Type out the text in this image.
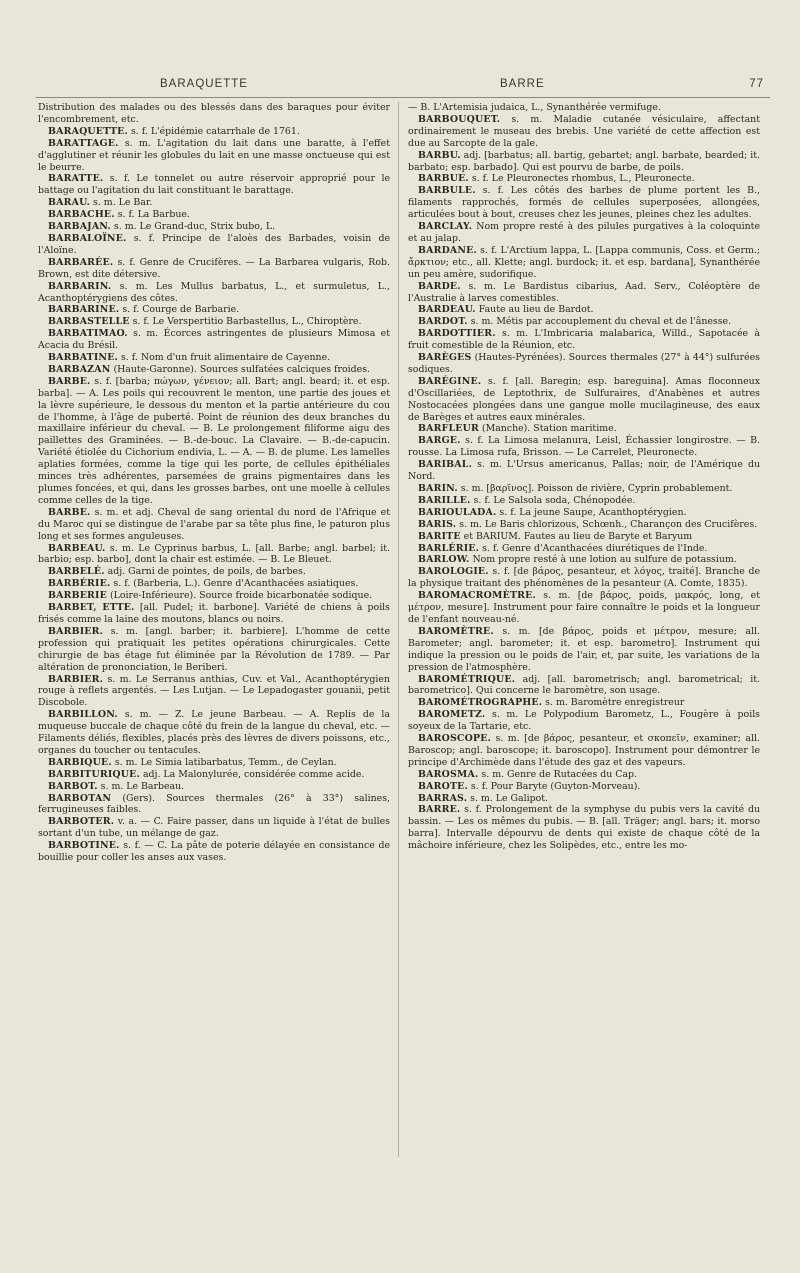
BARAQUETTE	BARRE	77

Distribution des malades ou des blessés dans des baraques pour éviter l'encombrement, etc.

BARAQUETTE. s. f. L'épidémie catarrhale de 1761.

BARATTAGE. s. m. L'agitation du lait dans une baratte, à l'effet d'agglutiner et réunir les globules du lait en une masse onctueuse qui est le beurre.

BARATTE. s. f. Le tonnelet ou autre réservoir approprié pour le battage ou l'agitation du lait constituant le barattage.

BARAU. s. m. Le Bar.

BARBACHE. s. f. La Barbue.

BARBAJAN. s. m. Le Grand-duc, Strix bubo, L.

BARBALOÏNE. s. f. Principe de l'aloès des Barbades, voisin de l'Aloïne.

BARBARÉE. s. f. Genre de Crucifères. — La Barbarea vulgaris, Rob. Brown, est dite détersive.

BARBARIN. s. m. Les Mullus barbatus, L., et surmuletus, L., Acanthoptérygiens des côtes.

BARBARINE. s. f. Courge de Barbarie.

BARBASTELLE s. f. Le Verspertitio Barbastellus, L., Chiroptère.

BARBATIMAO. s. m. Écorces astringentes de plusieurs Mimosa et Acacia du Brésil.

BARBATINE. s. f. Nom d'un fruit alimentaire de Cayenne.

BARBAZAN (Haute-Garonne). Sources sulfatées calciques froides.

BARBE. s. f. [barba; πώγων, γένειον; all. Bart; angl. beard; it. et esp. barba]. — A. Les poils qui recouvrent le menton, une partie des joues et la lèvre supérieure, le dessous du menton et la partie antérieure du cou de l'homme, à l'âge de puberté. Point de réunion des deux branches du maxillaire inférieur du cheval. — B. Le prolongement filiforme aigu des paillettes des Graminées. — B.-de-bouc. La Clavaire. — B.-de-capucin. Variété étiolée du Cichorium endivia, L. — A. — B. de plume. Les lamelles aplaties formées, comme la tige qui les porte, de cellules épithéliales minces très adhérentes, parsemées de grains pigmentaires dans les plumes foncées, et qui, dans les grosses barbes, ont une moelle à cellules comme celles de la tige.

BARBE. s. m. et adj. Cheval de sang oriental du nord de l'Afrique et du Maroc qui se distingue de l'arabe par sa tête plus fine, le paturon plus long et ses formes anguleuses.

BARBEAU. s. m. Le Cyprinus barbus, L. [all. Barbe; angl. barbel; it. barbio; esp. barbo], dont la chair est estimée. — B. Le Bleuet.

BARBELÉ. adj. Garni de pointes, de poils, de barbes.

BARBÉRIE. s. f. (Barberia, L.). Genre d'Acanthacées asiatiques.

BARBERIE (Loire-Inférieure). Source froide bicarbonatée sodique.

BARBET, ETTE. [all. Pudel; it. barbone]. Variété de chiens à poils frisés comme la laine des moutons, blancs ou noirs.

BARBIER. s. m. [angl. barber; it. barbiere]. L'homme de cette profession qui pratiquait les petites opérations chirurgicales. Cette chirurgie de bas étage fut éliminée par la Révolution de 1789. — Par altération de prononciation, le Beriberi.

BARBIER. s. m. Le Serranus anthias, Cuv. et Val., Acanthoptérygien rouge à reflets argentés. — Les Lutjan. — Le Lepadogaster gouanii, petit Discobole.

BARBILLON. s. m. — Z. Le jeune Barbeau. — A. Replis de la muqueuse buccale de chaque côté du frein de la langue du cheval, etc. — Filaments déliés, flexibles, placés près des lèvres de divers poissons, etc., organes du toucher ou tentacules.

BARBIQUE. s. m. Le Simia latibarbatus, Temm., de Ceylan.

BARBITURIQUE. adj. La Malonylurée, considérée comme acide.

BARBOT. s. m. Le Barbeau.

BARBOTAN (Gers). Sources thermales (26° à 33°) salines, ferrugineuses faibles.

BARBOTER. v. a. — C. Faire passer, dans un liquide à l'état de bulles sortant d'un tube, un mélange de gaz.

BARBOTINE. s. f. — C. La pâte de poterie délayée en consistance de bouillie pour coller les anses aux vases.

— B. L'Artemisia judaica, L., Synanthérée vermifuge.

BARBOUQUET. s. m. Maladie cutanée vésiculaire, affectant ordinairement le museau des brebis. Une variété de cette affection est due au Sarcopte de la gale.

BARBU. adj. [barbatus; all. bartig, gebartet; angl. barbate, bearded; it. barbato; esp. barbado]. Qui est pourvu de barbe, de poils.

BARBUE. s. f. Le Pleuronectes rhombus, L., Pleuronecte.

BARBULE. s. f. Les côtés des barbes de plume portent les B., filaments rapprochés, formés de cellules superposées, allongées, articulées bout à bout, creuses chez les jeunes, pleines chez les adultes.

BARCLAY. Nom propre resté à des pilules purgatives à la coloquinte et au jalap.

BARDANE. s. f. L'Arctium lappa, L. [Lappa communis, Coss. et Germ.; ἄρκτιον; etc., all. Klette; angl. burdock; it. et esp. bardana], Synanthérée un peu amère, sudorifique.

BARDE. s. m. Le Bardistus cibarius, Aad. Serv., Coléoptère de l'Australie à larves comestibles.

BARDEAU. Faute au lieu de Bardot.

BARDOT. s. m. Métis par accouplement du cheval et de l'ânesse.

BARDOTTIER. s. m. L'Imbricaria malabarica, Willd., Sapotacée à fruit comestible de la Réunion, etc.

BARÈGES (Hautes-Pyrénées). Sources thermales (27° à 44°) sulfurées sodiques.

BARÉGINE. s. f. [all. Baregin; esp. bareguina]. Amas floconneux d'Oscillariées, de Leptothrix, de Sulfuraires, d'Anabènes et autres Nostocacées plongées dans une gangue molle mucilagineuse, des eaux de Barèges et autres eaux minérales.

BARFLEUR (Manche). Station maritime.

BARGE. s. f. La Limosa melanura, Leisl, Échassier longirostre. — B. rousse. La Limosa rufa, Brisson. — Le Carrelet, Pleuronecte.

BARIBAL. s. m. L'Ursus americanus, Pallas; noir, de l'Amérique du Nord.

BARIN. s. m. [βαρῖνος]. Poisson de rivière, Cyprin probablement.

BARILLE. s. f. Le Salsola soda, Chénopodée.

BARIOULADA. s. f. La jeune Saupe, Acanthoptérygien.

BARIS. s. m. Le Baris chlorizous, Schœnh., Charançon des Crucifères.

BARITE et BARIUM. Fautes au lieu de Baryte et Baryum

BARLÉRIE. s. f. Genre d'Acanthacées diurétiques de l'Inde.

BARLOW. Nom propre resté à une lotion au sulfure de potassium.

BAROLOGIE. s. f. [de βάρος, pesanteur, et λόγος, traité]. Branche de la physique traitant des phénomènes de la pesanteur (A. Comte, 1835).

BAROMACROMÈTRE. s. m. [de βάρος, poids, μακρός, long, et μέτρον, mesure]. Instrument pour faire connaître le poids et la longueur de l'enfant nouveau-né.

BAROMÈTRE. s. m. [de βάρος, poids et μέτρον, mesure; all. Barometer; angl. barometer; it. et esp. barometro]. Instrument qui indique la pression ou le poids de l'air, et, par suite, les variations de la pression de l'atmosphère.

BAROMÉTRIQUE. adj. [all. barometrisch; angl. barometrical; it. barometrico]. Qui concerne le baromètre, son usage.

BAROMÉTROGRAPHE. s. m. Baromètre enregistreur

BAROMETZ. s. m. Le Polypodium Barometz, L., Fougère à poils soyeux de la Tartarie, etc.

BAROSCOPE. s. m. [de βάρος, pesanteur, et σκοπεῖν, examiner; all. Baroscop; angl. baroscope; it. baroscopo]. Instrument pour démontrer le principe d'Archimède dans l'étude des gaz et des vapeurs.

BAROSMA. s. m. Genre de Rutacées du Cap.

BAROTE. s. f. Pour Baryte (Guyton-Morveau).

BARRAS. s. m. Le Galipot.

BARRE. s. f. Prolongement de la symphyse du pubis vers la cavité du bassin. — Les os mêmes du pubis. — B. [all. Träger; angl. bars; it. morso barra]. Intervalle dépourvu de dents qui existe de chaque côté de la mâchoire inférieure, chez les Solipèdes, etc., entre les mo-
